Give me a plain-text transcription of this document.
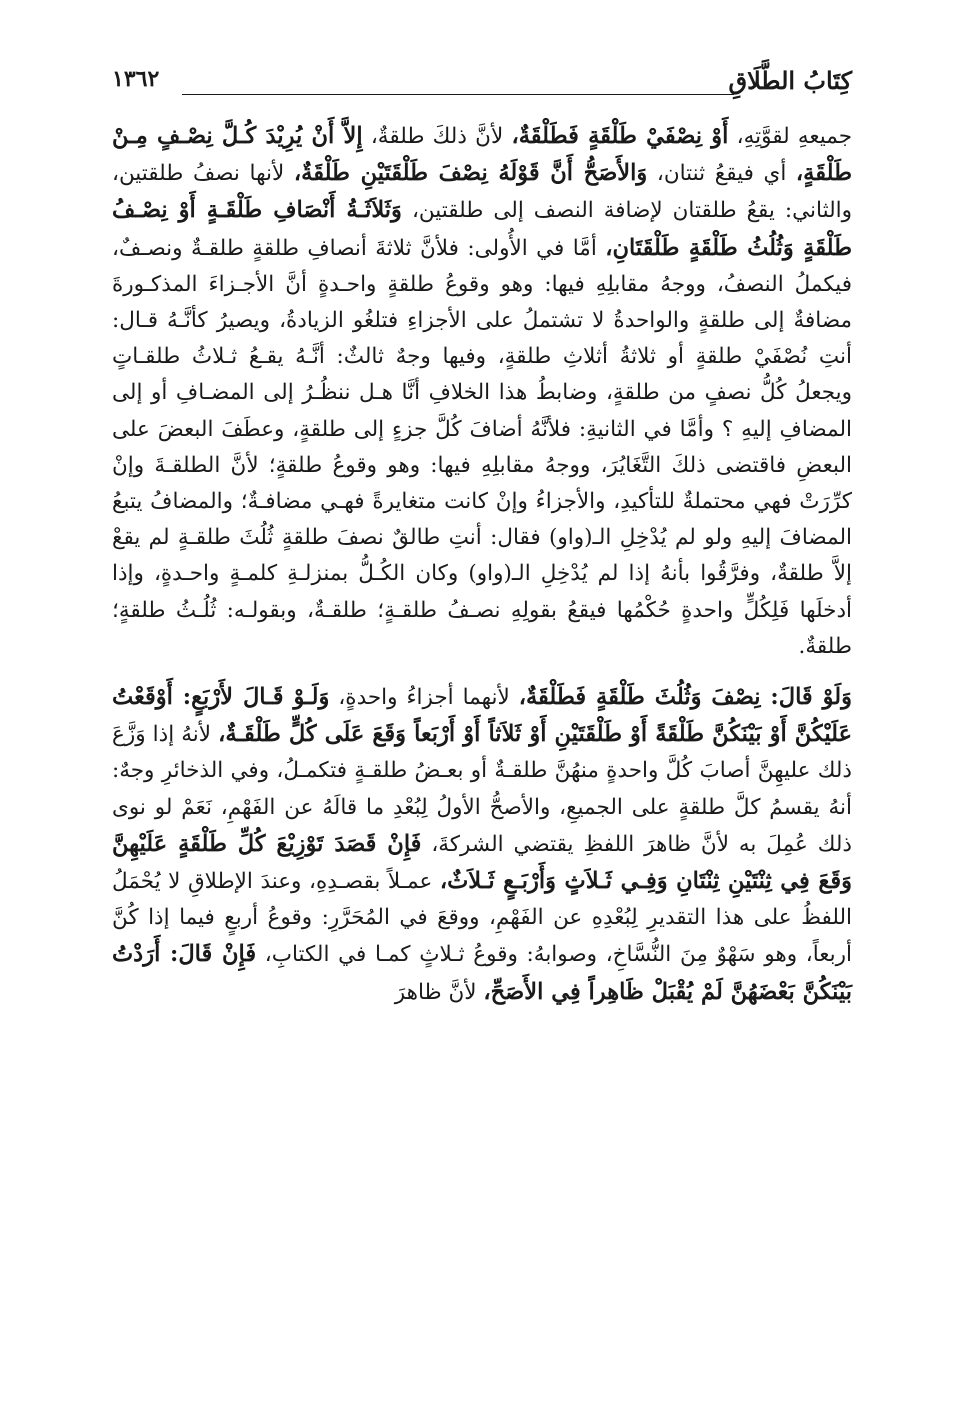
كِتَابُ الطَّلَاقِ
١٣٦٢

جميعهِ لقوَّتِهِ، أَوْ نِصْفَيْ طَلْقَةٍ فَطَلْقَةٌ، لأنَّ ذلكَ طلقةٌ، إِلاَّ أَنْ يُرِيْدَ كُـلَّ نِصْـفٍ مِـنْ طَلْقَةٍ، أي فيقعُ ثنتان، وَالأَصَحُّ أَنَّ قَوْلَهُ نِصْفَ طَلْقَتَيْنِ طَلْقَةٌ، لأنها نصفُ طلقتين، والثاني: يقعُ طلقتان لإضافة النصف إلى طلقتين، وَثَلاَثَـةُ أَنْصَافِ طَلْقَـةٍ أَوْ نِصْـفُ طَلْقَةٍ وَثُلُثُ طَلْقَةٍ طَلْقَتَانِ، أمَّا في الأُولى: فلأنَّ ثلاثةَ أنصافِ طلقةٍ طلقـةٌ ونصـفٌ، فيكملُ النصفُ، ووجهُ مقابلِهِ فيها: وهو وقوعُ طلقةٍ واحـدةٍ أنَّ الأجـزاءَ المذكـورةَ مضافةٌ إلى طلقةٍ والواحدةُ لا تشتملُ على الأجزاءِ فتلغُو الزيادةُ، ويصيرُ كأنَّـهُ قـال: أنتِ نُصْفَيْ طلقةٍ أو ثلاثةُ أثلاثِ طلقةٍ، وفيها وجهٌ ثالثٌ: أنَّـهُ يقـعُ ثـلاثُ طلقـاتٍ ويجعلُ كُلُّ نصفٍ من طلقةٍ، وضابطُ هذا الخلافِ أنَّا هـل ننظُـرُ إلى المضـافِ أو إلى المضافِ إليهِ ؟ وأمَّا في الثانيةِ: فلأنَّهُ أضافَ كُلَّ جزءٍ إلى طلقةٍ، وعطَفَ البعضَ على البعضِ فاقتضى ذلكَ التَّغَايُرَ، ووجهُ مقابلِهِ فيها: وهو وقوعُ طلقةٍ؛ لأنَّ الطلقـةَ وإنْ كرِّرَتْ فهي محتملةٌ للتأكيدِ، والأجزاءُ وإنْ كانت متغايرةً فهـي مضافـةٌ؛ والمضافُ يتبعُ المضافَ إليهِ ولو لم يُدْخِلِ الـ(واو) فقال: أنتِ طالقٌ نصفَ طلقةٍ ثُلُثَ طلقـةٍ لم يقعْ إلاَّ طلقةٌ، وفرَّقُوا بأنهُ إذا لم يُدْخِلِ الـ(واو) وكان الكُـلُّ بمنزلـةِ كلمـةٍ واحـدةٍ، وإذا أدخلَها فَلِكُلٍّ واحدةٍ حُكْمُها فيقعُ بقولِهِ نصـفُ طلقـةٍ؛ طلقـةٌ، وبقولـه: ثُلُـثُ طلقةٍ؛ طلقةٌ.

وَلَوْ قَالَ: نِصْفَ وَثُلُثَ طَلْقَةٍ فَطَلْقَةٌ، لأنهما أجزاءُ واحدةٍ، وَلَـوْ قَـالَ لأَرْبَعٍ: أَوْقَعْتُ عَلَيْكُنَّ أَوْ بَيْنَكُنَّ طَلْقَةً أَوْ طَلْقَتَيْنِ أَوْ ثَلاَثاً أَوْ أَرْبَعاً وَقَعَ عَلَى كُلٍّ طَلْقَـةٌ، لأنهُ إذا وَزَّعَ ذلك عليهِنَّ أصابَ كُلَّ واحدةٍ منهُنَّ طلقـةٌ أو بعـضُ طلقـةٍ فتكمـلُ، وفي الذخائرِ وجهٌ: أنهُ يقسمُ كلَّ طلقةٍ على الجميعِ، والأصحُّ الأولُ لِبُعْدِ ما قالَهُ عن الفَهْمِ، نَعَمْ لو نوى ذلك عُمِلَ به لأنَّ ظاهرَ اللفظِ يقتضي الشركةَ، فَإِنْ قَصَدَ تَوْزِيْعَ كُلِّ طَلْقَةٍ عَلَيْهِنَّ وَقَعَ فِي ثِنْتَيْنِ ثِنْتَانِ وَفِـي ثَـلاَثٍ وَأَرْبَـعٍ ثَـلاَثٌ، عمـلاً بقصـدِهِ، وعندَ الإطلاقِ لا يُحْمَلُ اللفظُ على هذا التقديرِ لِبُعْدِهِ عن الفَهْمِ، ووقعَ في المُحَرَّرِ: وقوعُ أربعٍ فيما إذا كُنَّ أربعاً، وهو سَهْوٌ مِنَ النُّسَّاخِ، وصوابهُ: وقوعُ ثـلاثٍ كمـا في الكتابِ، فَإِنْ قَالَ: أَرَدْتُ بَيْنَكُنَّ بَعْضَهُنَّ لَمْ يُقْبَلْ ظَاهِراً فِي الأَصَحِّ، لأنَّ ظاهرَ
